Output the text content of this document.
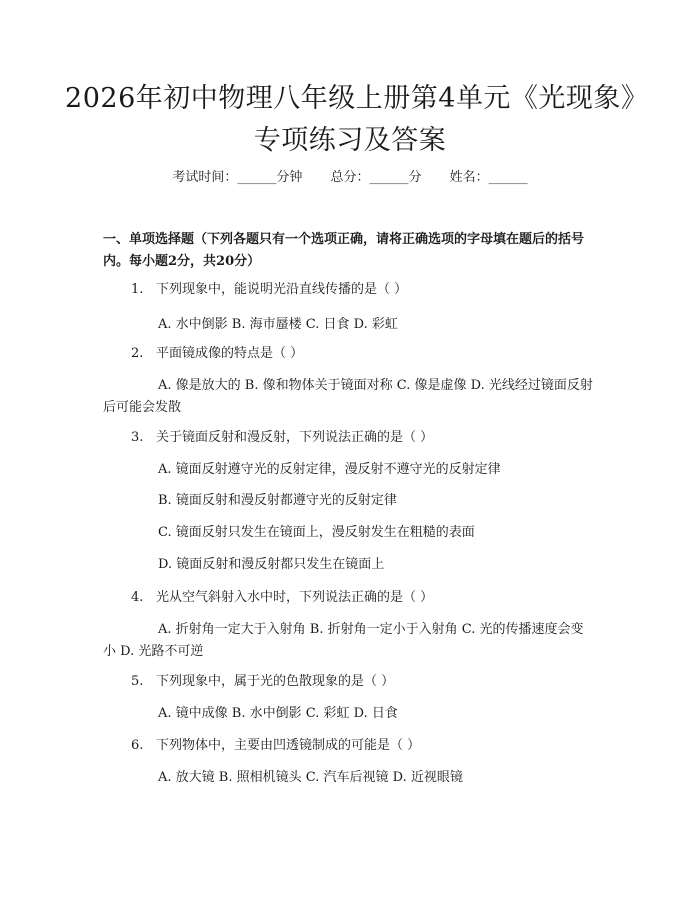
2026年初中物理八年级上册第4单元《光现象》专项练习及答案
考试时间：______分钟 总分：______分 姓名：______

一、单项选择题（下列各题只有一个选项正确，请将正确选项的字母填在题后的括号内。每小题2分，共20分）

1. 下列现象中，能说明光沿直线传播的是（ ）

A. 水中倒影 B. 海市蜃楼 C. 日食 D. 彩虹

2. 平面镜成像的特点是（ ）

A. 像是放大的 B. 像和物体关于镜面对称 C. 像是虚像 D. 光线经过镜面反射后可能会发散

3. 关于镜面反射和漫反射，下列说法正确的是（ ）

A. 镜面反射遵守光的反射定律，漫反射不遵守光的反射定律

B. 镜面反射和漫反射都遵守光的反射定律

C. 镜面反射只发生在镜面上，漫反射发生在粗糙的表面

D. 镜面反射和漫反射都只发生在镜面上

4. 光从空气斜射入水中时，下列说法正确的是（ ）

A. 折射角一定大于入射角 B. 折射角一定小于入射角 C. 光的传播速度会变小 D. 光路不可逆

5. 下列现象中，属于光的色散现象的是（ ）

A. 镜中成像 B. 水中倒影 C. 彩虹 D. 日食

6. 下列物体中，主要由凹透镜制成的可能是（ ）

A. 放大镜 B. 照相机镜头 C. 汽车后视镜 D. 近视眼镜
